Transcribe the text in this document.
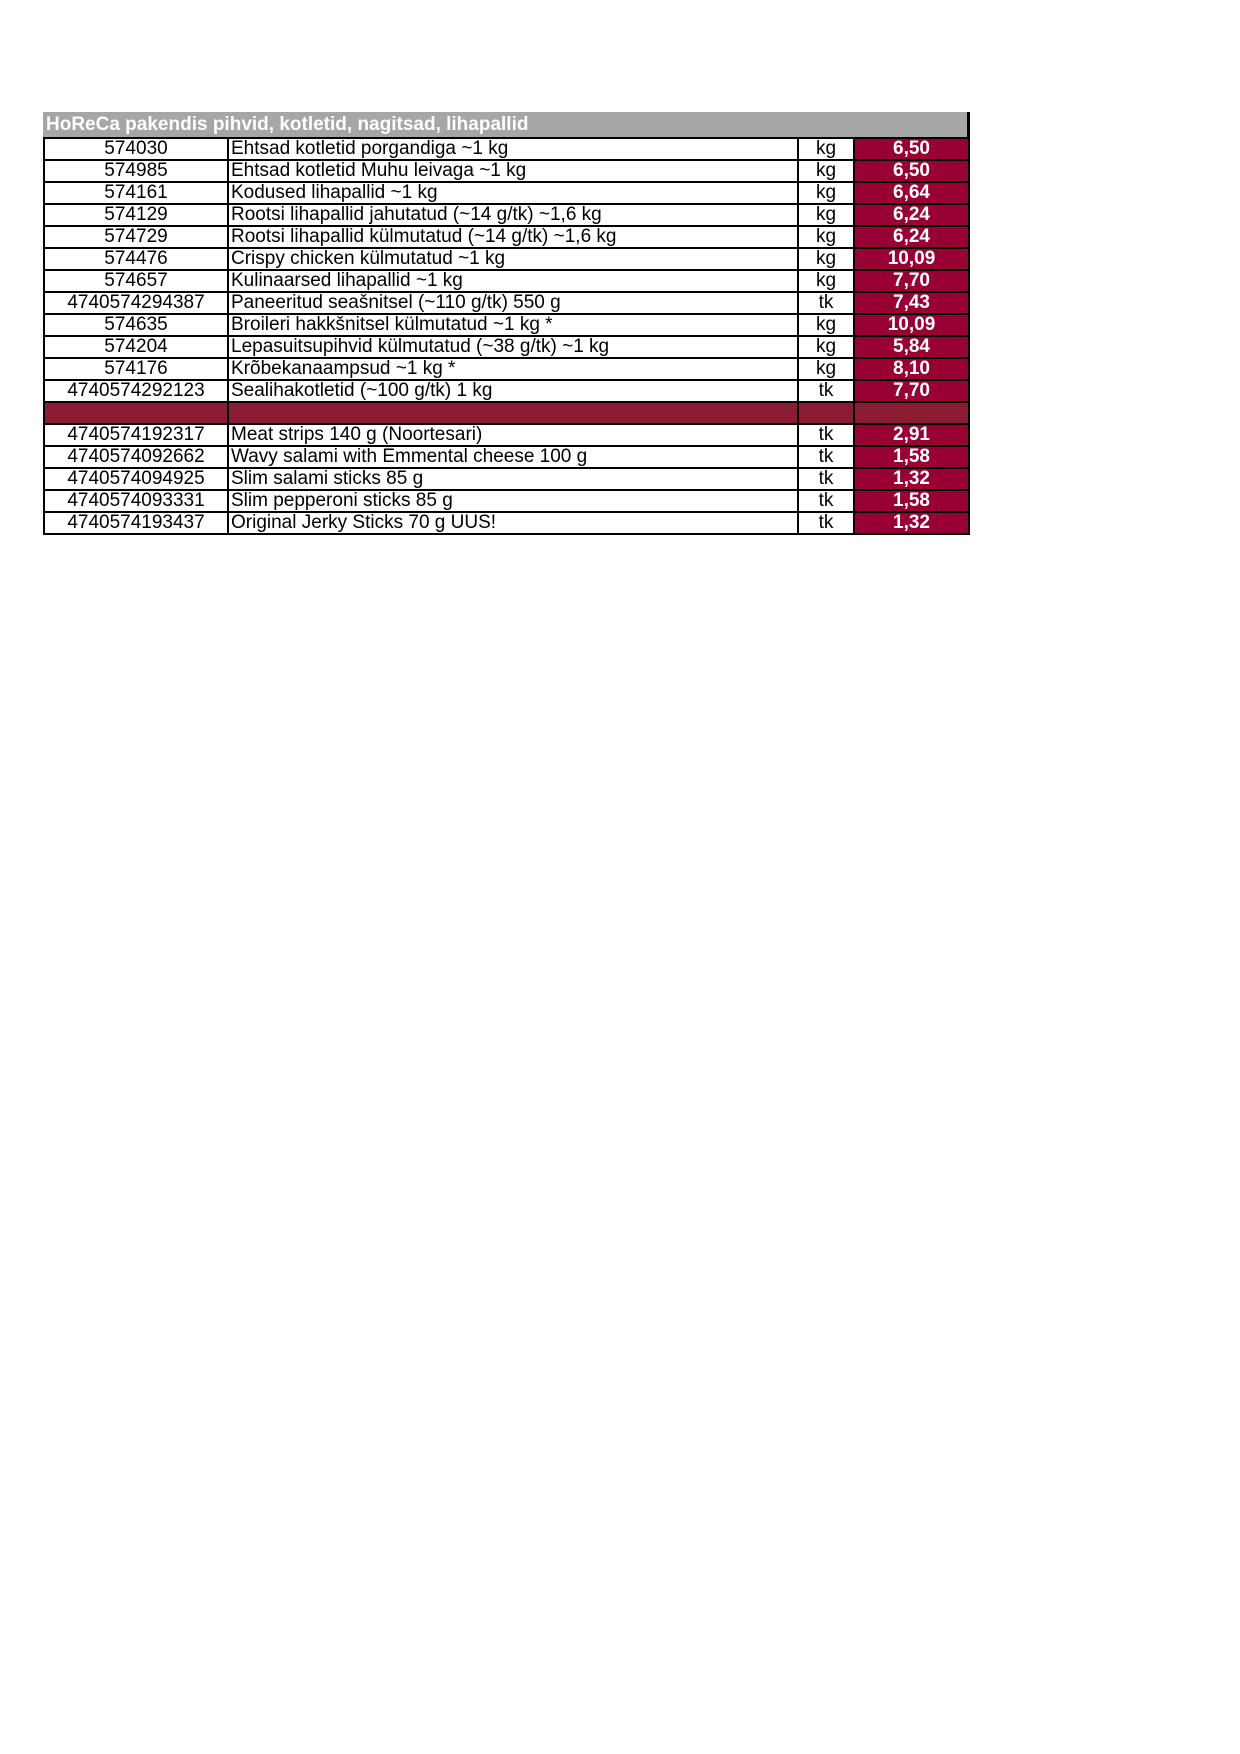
HoReCa pakendis pihvid, kotletid, nagitsad, lihapallid
574030	Ehtsad kotletid porgandiga ~1 kg	kg	6,50
574985	Ehtsad kotletid Muhu leivaga ~1 kg	kg	6,50
574161	Kodused lihapallid ~1 kg	kg	6,64
574129	Rootsi lihapallid jahutatud (~14 g/tk) ~1,6 kg	kg	6,24
574729	Rootsi lihapallid külmutatud (~14 g/tk) ~1,6 kg	kg	6,24
574476	Crispy chicken külmutatud ~1 kg	kg	10,09
574657	Kulinaarsed lihapallid ~1 kg	kg	7,70
4740574294387	Paneeritud seašnitsel (~110 g/tk) 550 g	tk	7,43
574635	Broileri hakkšnitsel külmutatud ~1 kg *	kg	10,09
574204	Lepasuitsupihvid külmutatud (~38 g/tk) ~1 kg	kg	5,84
574176	Krõbekanaampsud ~1 kg *	kg	8,10
4740574292123	Sealihakotletid (~100 g/tk) 1 kg	tk	7,70

4740574192317	Meat strips 140 g (Noortesari)	tk	2,91
4740574092662	Wavy salami with Emmental cheese 100 g	tk	1,58
4740574094925	Slim salami sticks 85 g	tk	1,32
4740574093331	Slim pepperoni sticks 85 g	tk	1,58
4740574193437	Original Jerky Sticks 70 g UUS!	tk	1,32
